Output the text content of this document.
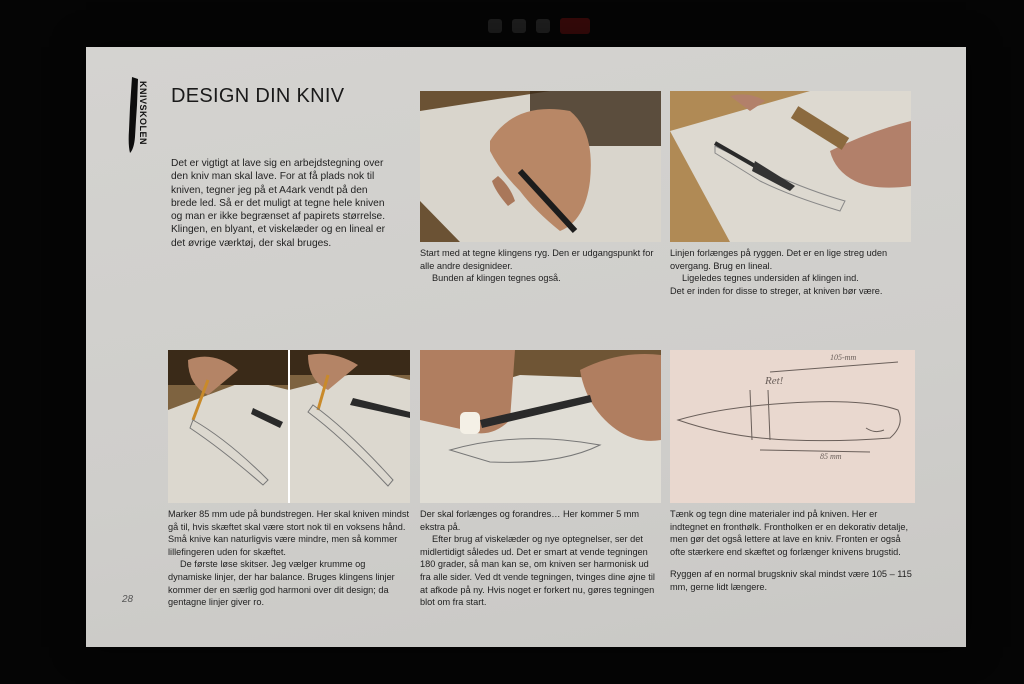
KNIVSKOLEN DESIGN DIN KNIV
Det er vigtigt at lave sig en arbejdstegning over den kniv man skal lave. For at få plads nok til kniven, tegner jeg på et A4ark vendt på den brede led. Så er det muligt at tegne hele kniven og man er ikke begrænset af papirets størrelse. Klingen, en blyant, et viskelæder og en lineal er det øvrige værktøj, der skal bruges.
105-mm
Ret!
85 mm

Start med at tegne klingens ryg. Den er udgangspunkt for alle andre designideer.

Bunden af klingen tegnes også.

Linjen forlænges på ryggen. Det er en lige streg uden overgang. Brug en lineal.

Ligeledes tegnes undersiden af klingen ind.

Det er inden for disse to streger, at kniven bør være.

Marker 85 mm ude på bundstregen. Her skal kniven mindst gå til, hvis skæftet skal være stort nok til en voksens hånd. Små knive kan naturligvis være mindre, men så kommer lillefingeren uden for skæftet.

De første løse skitser. Jeg vælger krumme og dynamiske linjer, der har balance. Bruges klingens linjer kommer der en særlig god harmoni over dit design; da gentagne linjer giver ro.

Der skal forlænges og forandres… Her kommer 5 mm ekstra på.

Efter brug af viskelæder og nye optegnelser, ser det midlertidigt således ud. Det er smart at vende tegningen 180 grader, så man kan se, om kniven ser harmonisk ud fra alle sider. Ved dt vende tegningen, tvinges dine øjne til at afkode på ny. Hvis noget er forkert nu, gøres tegningen blot om fra start.

Tænk og tegn dine materialer ind på kniven. Her er indtegnet en fronthølk. Frontholken er en dekorativ detalje, men gør det også lettere at lave en kniv. Fronten er også ofte stærkere end skæftet og forlænger knivens brugstid.

Ryggen af en normal brugskniv skal mindst være 105 – 115 mm, gerne lidt længere.

28
